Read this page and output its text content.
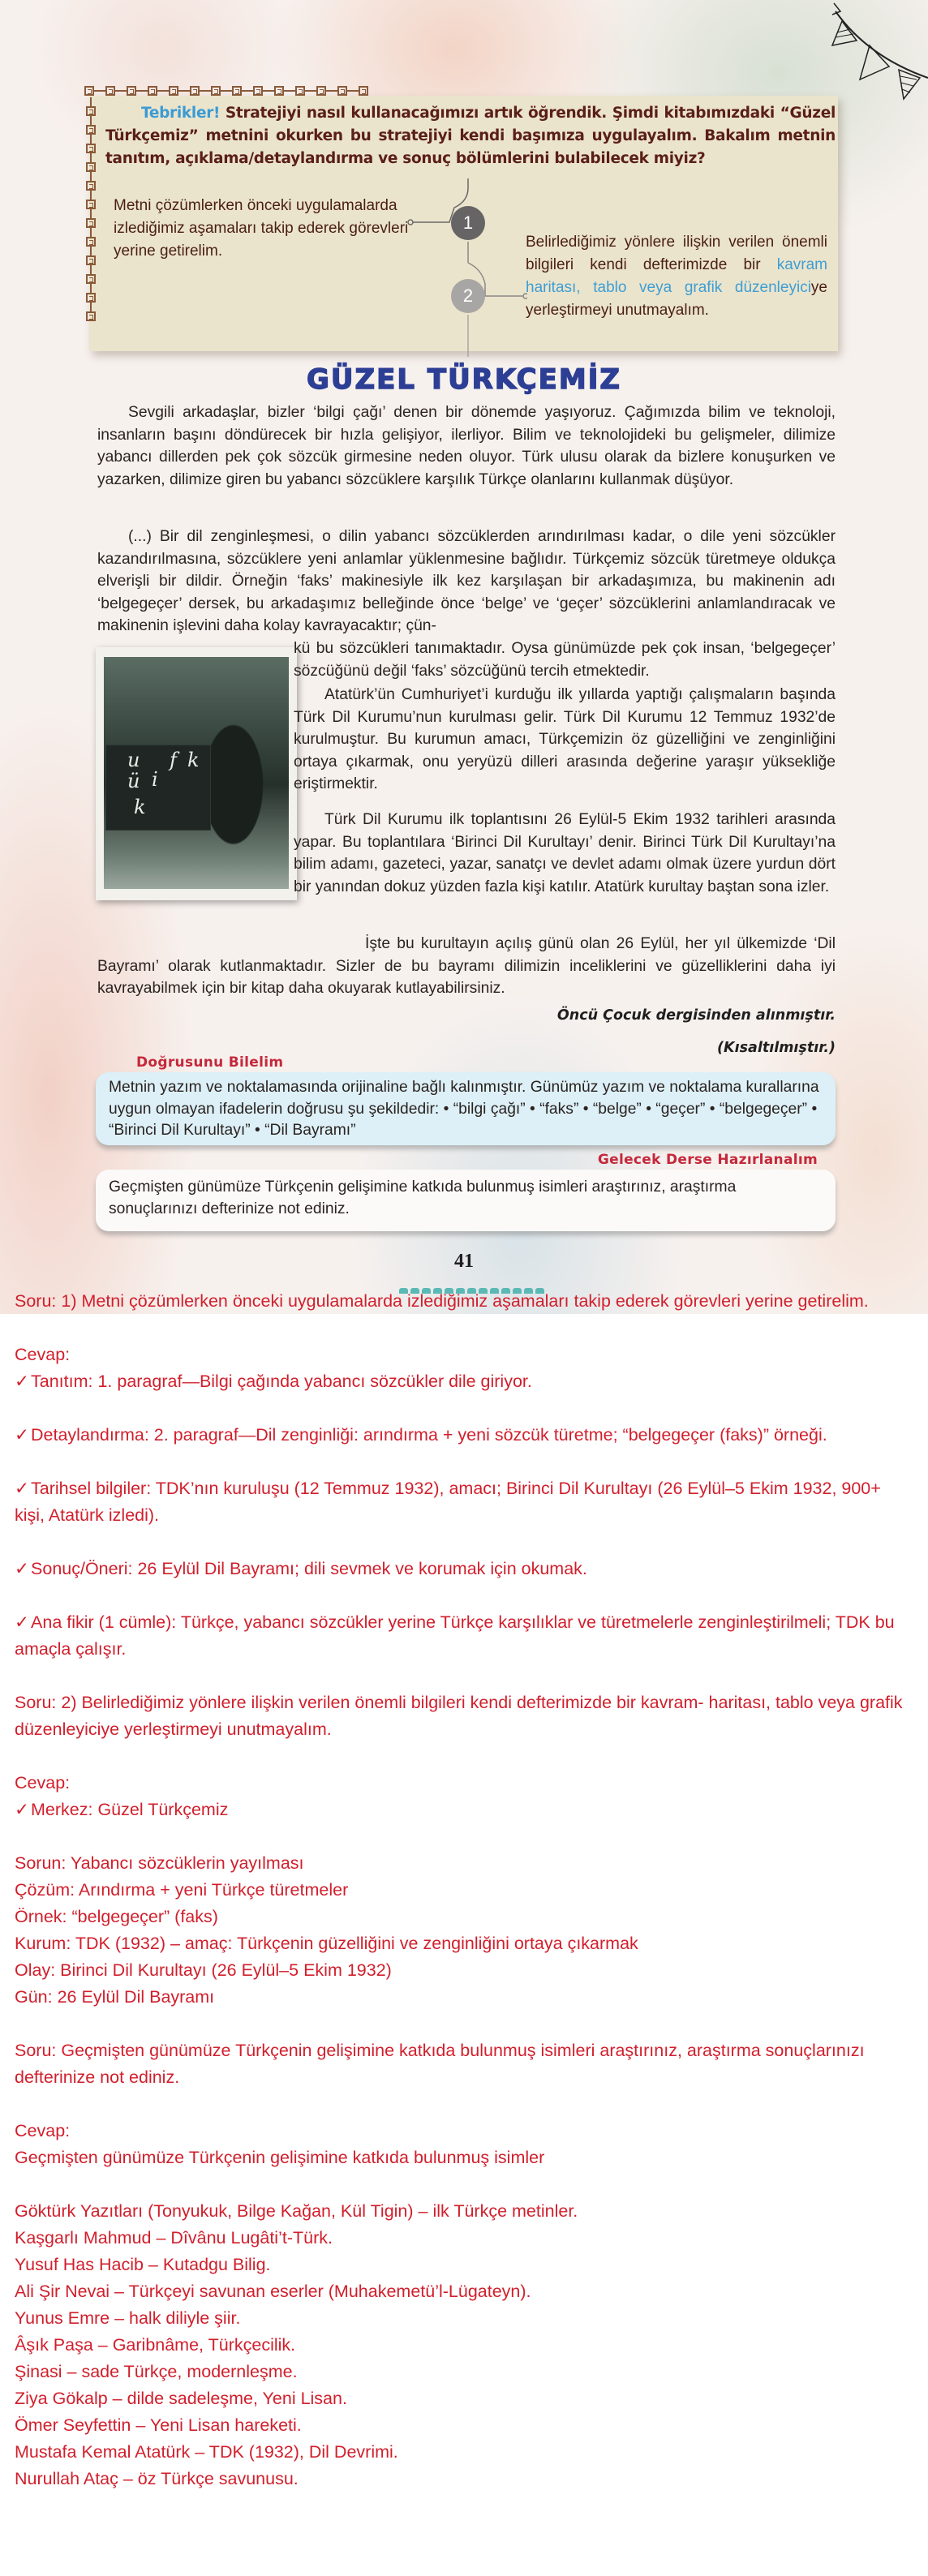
Tebrikler! Stratejiyi nasıl kullanacağımızı artık öğrendik. Şimdi kitabımızdaki “Güzel Türkçemiz” metnini okurken bu stratejiyi kendi başımıza uygulayalım. Bakalım metnin tanıtım, açıklama/detaylandırma ve sonuç bölümlerini bulabilecek miyiz?
1
2
Metni çözümlerken önceki uygulamalarda izlediğimiz aşamaları takip ederek görevleri yerine getirelim.
Belirlediğimiz yönlere ilişkin verilen önemli bilgileri kendi defterimizde bir kavram haritası, tablo veya grafik düzenleyiciye yerleştirmeyi unutmayalım.
GÜZEL TÜRKÇEMİZ

Sevgili arkadaşlar, bizler ‘bilgi çağı’ denen bir dönemde yaşıyoruz. Çağımızda bilim ve teknoloji, insanların başını döndürecek bir hızla gelişiyor, ilerliyor. Bilim ve teknolojideki bu gelişmeler, dilimize yabancı dillerden pek çok sözcük girmesine neden oluyor. Türk ulusu olarak da bizlere konuşurken ve yazarken, dilimize giren bu yabancı sözcüklere karşılık Türkçe olanlarını kullanmak düşüyor.

(...) Bir dil zenginleşmesi, o dilin yabancı sözcüklerden arındırılması kadar, o dile yeni sözcükler kazandırılmasına, sözcüklere yeni anlamlar yüklenmesine bağlıdır. Türkçemiz sözcük türetmeye oldukça elverişli bir dildir. Örneğin ‘faks’ makinesiyle ilk kez karşılaşan bir arkadaşımıza, bu makinenin adı ‘belgegeçer’ dersek, bu arkadaşımız belleğinde önce ‘belge’ ve ‘geçer’ sözcüklerini anlamlandıracak ve makinenin işlevini daha kolay kavrayacaktır; çün-

u
ü i
f k
k
kü bu sözcükleri tanımaktadır. Oysa günümüzde pek çok insan, ‘belgegeçer’ sözcüğünü değil ‘faks’ sözcüğünü tercih etmektedir.
Atatürk’ün Cumhuriyet’i kurduğu ilk yıllarda yaptığı çalışmaların başında Türk Dil Kurumu’nun kurulması gelir. Türk Dil Kurumu 12 Temmuz 1932’de kurulmuştur. Bu kurumun amacı, Türkçemizin öz güzelliğini ve zenginliğini ortaya çıkarmak, onu yeryüzü dilleri arasında değerine yaraşır yüksekliğe eriştirmektir.
Türk Dil Kurumu ilk toplantısını 26 Eylül-5 Ekim 1932 tarihleri arasında yapar. Bu toplantılara ‘Birinci Dil Kurultayı’ denir. Birinci Türk Dil Kurultayı’na bilim adamı, gazeteci, yazar, sanatçı ve devlet adamı olmak üzere yurdun dört bir yanından dokuz yüzden fazla kişi katılır. Atatürk kurultay baştan sona izler.
İşte bu kurultayın açılış günü olan 26 Eylül, her yıl ülkemizde ‘Dil Bayramı’ olarak kutlanmaktadır. Sizler de bu bayramı dilimizin inceliklerini ve güzelliklerini daha iyi kavrayabilmek için bir kitap daha okuyarak kutlayabilirsiniz.
Öncü Çocuk dergisinden alınmıştır.
(Kısaltılmıştır.)
Doğrusunu Bilelim
Metnin yazım ve noktalamasında orijinaline bağlı kalınmıştır. Günümüz yazım ve noktalama kurallarına uygun olmayan ifadelerin doğrusu şu şekildedir: • “bilgi çağı” • “faks” • “belge” • “geçer” • “belgegeçer” • “Birinci Dil Kurultayı” • “Dil Bayramı”
Gelecek Derse Hazırlanalım
Geçmişten günümüze Türkçenin gelişimine katkıda bulunmuş isimleri araştırınız, araştırma sonuçlarınızı defterinize not ediniz.
41
Soru: 1) Metni çözümlerken önceki uygulamalarda izlediğimiz aşamaları takip ederek görevleri yerine getirelim.
Cevap:
✓Tanıtım: 1. paragraf—Bilgi çağında yabancı sözcükler dile giriyor.
✓Detaylandırma: 2. paragraf—Dil zenginliği: arındırma + yeni sözcük türetme; “belgegeçer (faks)” örneği.
✓Tarihsel bilgiler: TDK’nın kuruluşu (12 Temmuz 1932), amacı; Birinci Dil Kurultayı (26 Eylül–5 Ekim 1932, 900+ kişi, Atatürk izledi).
✓Sonuç/Öneri: 26 Eylül Dil Bayramı; dili sevmek ve korumak için okumak.
✓Ana fikir (1 cümle): Türkçe, yabancı sözcükler yerine Türkçe karşılıklar ve türetmelerle zenginleştirilmeli; TDK bu amaçla çalışır.
Soru: 2) Belirlediğimiz yönlere ilişkin verilen önemli bilgileri kendi defterimizde bir kavram- haritası, tablo veya grafik düzenleyiciye yerleştirmeyi unutmayalım.
Cevap:
✓Merkez: Güzel Türkçemiz
Sorun: Yabancı sözcüklerin yayılması
Çözüm: Arındırma + yeni Türkçe türetmeler
Örnek: “belgegeçer” (faks)
Kurum: TDK (1932) – amaç: Türkçenin güzelliğini ve zenginliğini ortaya çıkarmak
Olay: Birinci Dil Kurultayı (26 Eylül–5 Ekim 1932)
Gün: 26 Eylül Dil Bayramı
Soru: Geçmişten günümüze Türkçenin gelişimine katkıda bulunmuş isimleri araştırınız, araştırma sonuçlarınızı defterinize not ediniz.
Cevap:
Geçmişten günümüze Türkçenin gelişimine katkıda bulunmuş isimler
Göktürk Yazıtları (Tonyukuk, Bilge Kağan, Kül Tigin) – ilk Türkçe metinler.
Kaşgarlı Mahmud – Dîvânu Lugâti’t-Türk.
Yusuf Has Hacib – Kutadgu Bilig.
Ali Şir Nevai – Türkçeyi savunan eserler (Muhakemetü’l-Lügateyn).
Yunus Emre – halk diliyle şiir.
Âşık Paşa – Garibnâme, Türkçecilik.
Şinasi – sade Türkçe, modernleşme.
Ziya Gökalp – dilde sadeleşme, Yeni Lisan.
Ömer Seyfettin – Yeni Lisan hareketi.
Mustafa Kemal Atatürk – TDK (1932), Dil Devrimi.
Nurullah Ataç – öz Türkçe savunusu.
